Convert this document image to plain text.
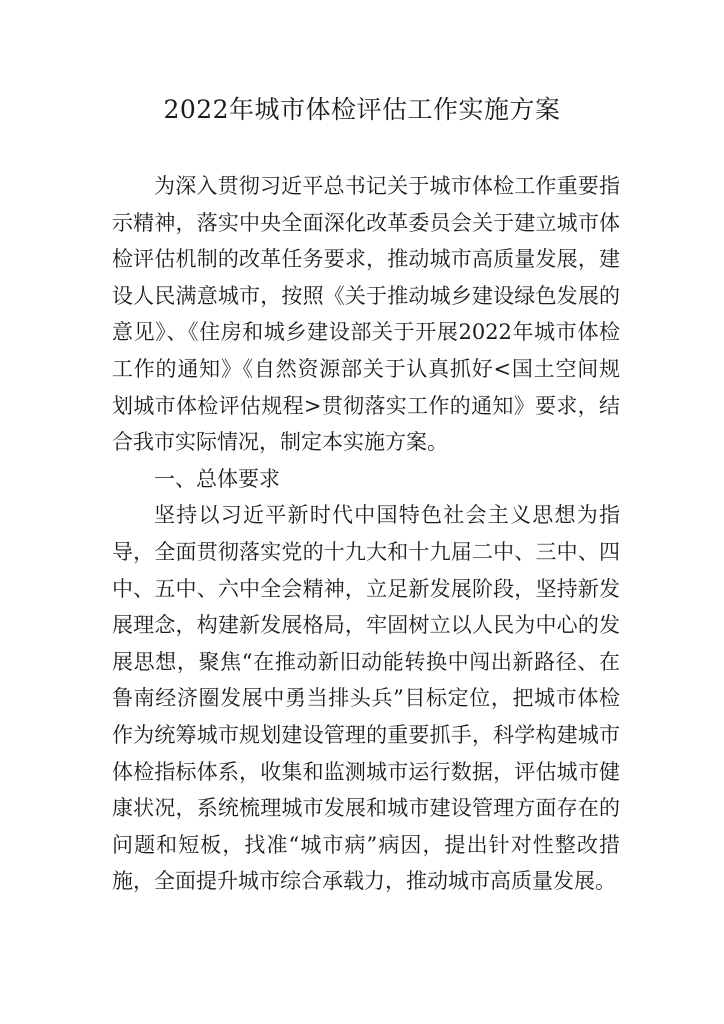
2022年城市体检评估工作实施方案

为深入贯彻习近平总书记关于城市体检工作重要指示精神，落实中央全面深化改革委员会关于建立城市体检评估机制的改革任务要求，推动城市高质量发展，建设人民满意城市，按照《关于推动城乡建设绿色发展的意见》、《住房和城乡建设部关于开展2022年城市体检工作的通知》《自然资源部关于认真抓好<国土空间规划城市体检评估规程>贯彻落实工作的通知》要求，结合我市实际情况，制定本实施方案。

一、总体要求

坚持以习近平新时代中国特色社会主义思想为指导，全面贯彻落实党的十九大和十九届二中、三中、四中、五中、六中全会精神，立足新发展阶段，坚持新发展理念，构建新发展格局，牢固树立以人民为中心的发展思想，聚焦“在推动新旧动能转换中闯出新路径、在鲁南经济圈发展中勇当排头兵”目标定位，把城市体检作为统筹城市规划建设管理的重要抓手，科学构建城市体检指标体系，收集和监测城市运行数据，评估城市健康状况，系统梳理城市发展和城市建设管理方面存在的问题和短板，找准“城市病”病因，提出针对性整改措施，全面提升城市综合承载力，推动城市高质量发展。
